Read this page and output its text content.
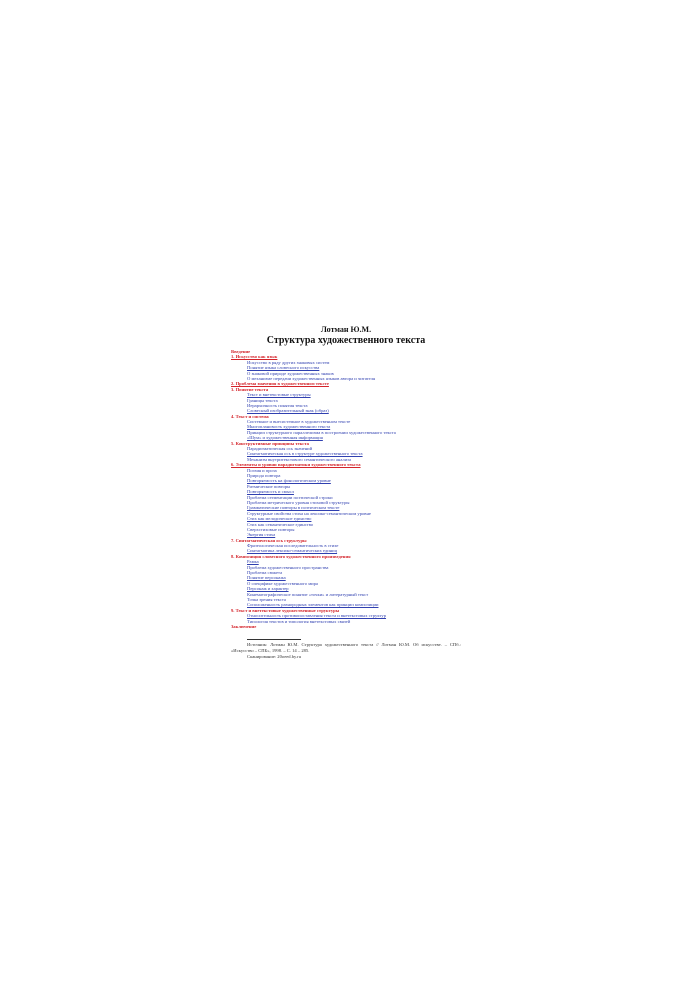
Лотман Ю.М.
Структура художественного текста
Введение
1. Искусство как язык
Искусство в ряду других знаковых систем
Понятие языка словесного искусства
О знаковой природе художественных знаков
О механизме передачи художественных языков автора и читателя
2. Проблема значения в художественном тексте
3. Понятие текста
Текст и внетекстовые структуры
Границы текста
Иерархичность понятия текста
Словесный изобразительный знак (образ)
4. Текст и система
Системное и внесистемное в художественном тексте
Многоплановость художественного текста
Принцип структурного параллелизма в построении художественного текста
«Шум» и художественная информация
5. Конструктивные принципы текста
Парадигматическая ось значений
Синтагматическая ось в структуре художественного текста
Механизм внутритекстового семантического анализа
6. Элементы и уровни парадигматики художественного текста
Поэзия и проза
Природа повтора
Повторяемость на фонологическом уровне
Ритмические повторы
Повторяемость и смысл
Проблема сегментации поэтической строки
Проблема метрического уровня стиховой структуры
Грамматические повторы в поэтическом тексте
Структурные свойства стиха на лексико-семантическом уровне
Стих как мелодическое единство
Стих как семантическое единство
Сверхстиховые повторы
Энергия стиха
7. Синтагматическая ось структуры
Фразеологическая последовательность в стихе
Синтагматика лексико-семантических единиц
8. Композиция словесного художественного произведения
Рамка
Проблема художественного пространства
Проблема сюжета
Понятие персонажа
О специфике художественного мира
Персонаж и характер
Кинематографическое понятие «точки» и литературный текст
Точка зрения текста
Соположенность разнородных элементов как принцип композиции
9. Текст и внетекстовые художественные структуры
Относительность противопоставления текста и внетекстовых структур
Типология текстов и типология внетекстовых связей
Заключение
Источник: Лотман Ю.М. Структура художественного текста // Лотман Ю.М. Об искусстве. – СПб.: «Искусство – СПБ», 1998. – С. 14 – 285.
Сканирование: 20oeed.by.ru
